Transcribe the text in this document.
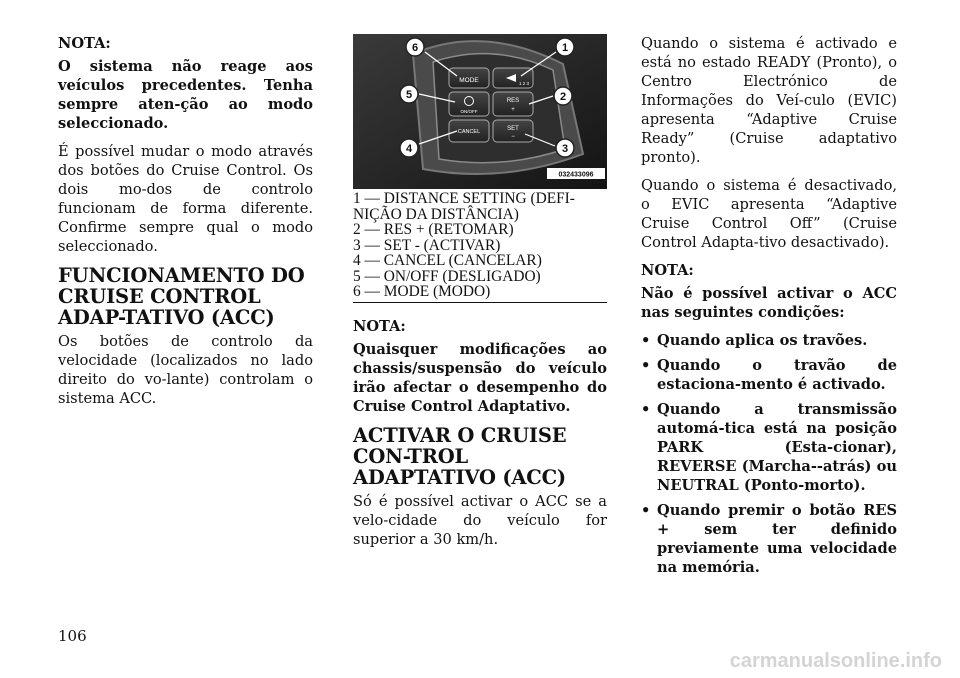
NOTA:

O sistema não reage aos veículos precedentes. Tenha sempre aten-ção ao modo seleccionado.

É possível mudar o modo através dos botões do Cruise Control. Os dois mo-dos de controlo funcionam de forma diferente. Confirme sempre qual o modo seleccionado.

FUNCIONAMENTO DO CRUISE CONTROL ADAP-TATIVO (ACC)

Os botões de controlo da velocidade (localizados no lado direito do vo-lante) controlam o sistema ACC.

MODE	1 2 3
ON/OFF
RES
+
CANCEL	SET
−
6	1
5	2
4	3
032433096
1 — DISTANCE SETTING (DEFI-
NIÇÃO DA DISTÂNCIA)
2 — RES + (RETOMAR)
3 — SET - (ACTIVAR)
4 — CANCEL (CANCELAR)
5 — ON/OFF (DESLIGADO)
6 — MODE (MODO)

NOTA:

Quaisquer modificações ao chassis/suspensão do veículo irão afectar o desempenho do Cruise Control Adaptativo.

ACTIVAR O CRUISE CON-TROL ADAPTATIVO (ACC)

Só é possível activar o ACC se a velo-cidade do veículo for superior a 30 km/h.

Quando o sistema é activado e está no estado READY (Pronto), o Centro Electrónico de Informações do Veí-culo (EVIC) apresenta “Adaptive Cruise Ready” (Cruise adaptativo pronto).

Quando o sistema é desactivado, o EVIC apresenta “Adaptive Cruise Control Off” (Cruise Control Adapta-tivo desactivado).

NOTA:

Não é possível activar o ACC nas seguintes condições:

• Quando aplica os travões.
• Quando o travão de estaciona-mento é activado.
• Quando a transmissão automá-tica está na posição PARK (Esta-cionar), REVERSE (Marcha--atrás) ou NEUTRAL (Ponto-morto).
• Quando premir o botão RES + sem ter definido previamente uma velocidade na memória.
106
carmanualsonline.info
